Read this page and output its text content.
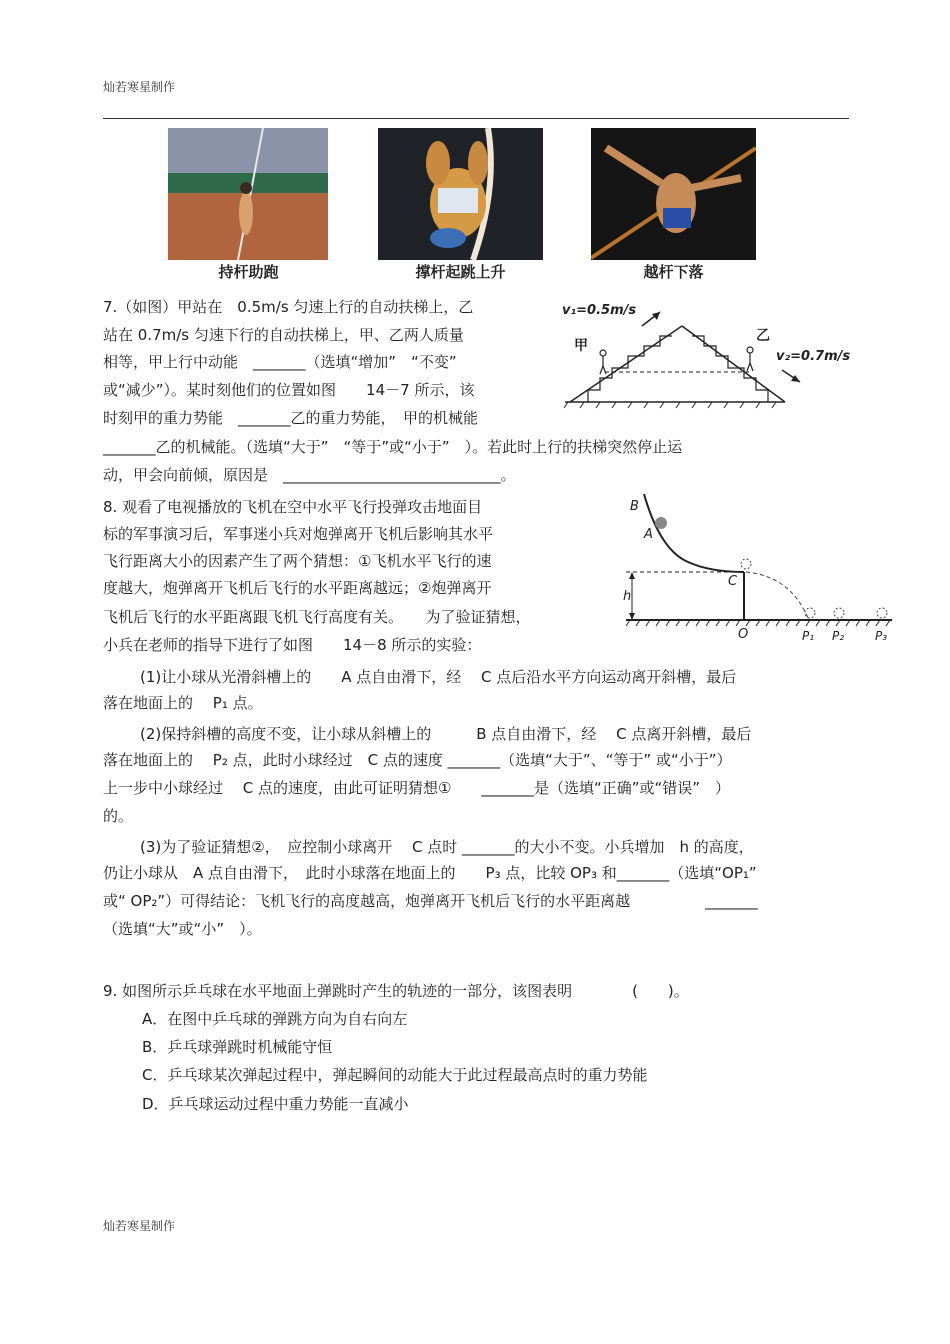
灿若寒星制作
持杆助跑	撑杆起跳上升	越杆下落
7.（如图）甲站在　0.5m/s 匀速上行的自动扶梯上，乙
站在 0.7m/s 匀速下行的自动扶梯上，甲、乙两人质量
相等，甲上行中动能　_______（选填“增加”　“不变”
或“减少”）。某时刻他们的位置如图　　14－7 所示，该
时刻甲的重力势能　_______乙的重力势能，　甲的机械能
_______乙的机械能。（选填“大于”　“等于”或“小于”　）。若此时上行的扶梯突然停止运
动，甲会向前倾，原因是　_____________________________。
v₁=0.5m/s
甲
乙
v₂=0.7m/s
8. 观看了电视播放的飞机在空中水平飞行投弹攻击地面目
标的军事演习后，军事迷小兵对炮弹离开飞机后影响其水平
飞行距离大小的因素产生了两个猜想：①飞机水平飞行的速
度越大，炮弹离开飞机后飞行的水平距离越远；②炮弹离开
飞机后飞行的水平距离跟飞机飞行高度有关。　　为了验证猜想，
小兵在老师的指导下进行了如图　　14－8 所示的实验：
B
A
C
h
O	P₁ P₂	P₃
(1)让小球从光滑斜槽上的　　A 点自由滑下，经　 C 点后沿水平方向运动离开斜槽，最后
落在地面上的　 P₁ 点。
(2)保持斜槽的高度不变，让小球从斜槽上的　　　B 点自由滑下，经　 C 点离开斜槽，最后
落在地面上的　 P₂ 点，此时小球经过　C 点的速度 _______（选填“大于”、“等于” 或“小于”）
上一步中小球经过　 C 点的速度，由此可证明猜想①　　_______是（选填“正确”或“错误”　）
的。
(3)为了验证猜想②，　应控制小球离开　 C 点时 _______的大小不变。小兵增加　h 的高度，
仍让小球从　A 点自由滑下，　此时小球落在地面上的　　P₃ 点，比较 OP₃ 和_______（选填“OP₁”
或“ OP₂”）可得结论：飞机飞行的高度越高，炮弹离开飞机后飞行的水平距离越　　　　　_______
（选填“大”或“小”　）。
9. 如图所示乒乓球在水平地面上弹跳时产生的轨迹的一部分，该图表明　　　　(　　)。
A．在图中乒乓球的弹跳方向为自右向左
B．乒乓球弹跳时机械能守恒
C．乒乓球某次弹起过程中，弹起瞬间的动能大于此过程最高点时的重力势能
D．乒乓球运动过程中重力势能一直减小
灿若寒星制作
